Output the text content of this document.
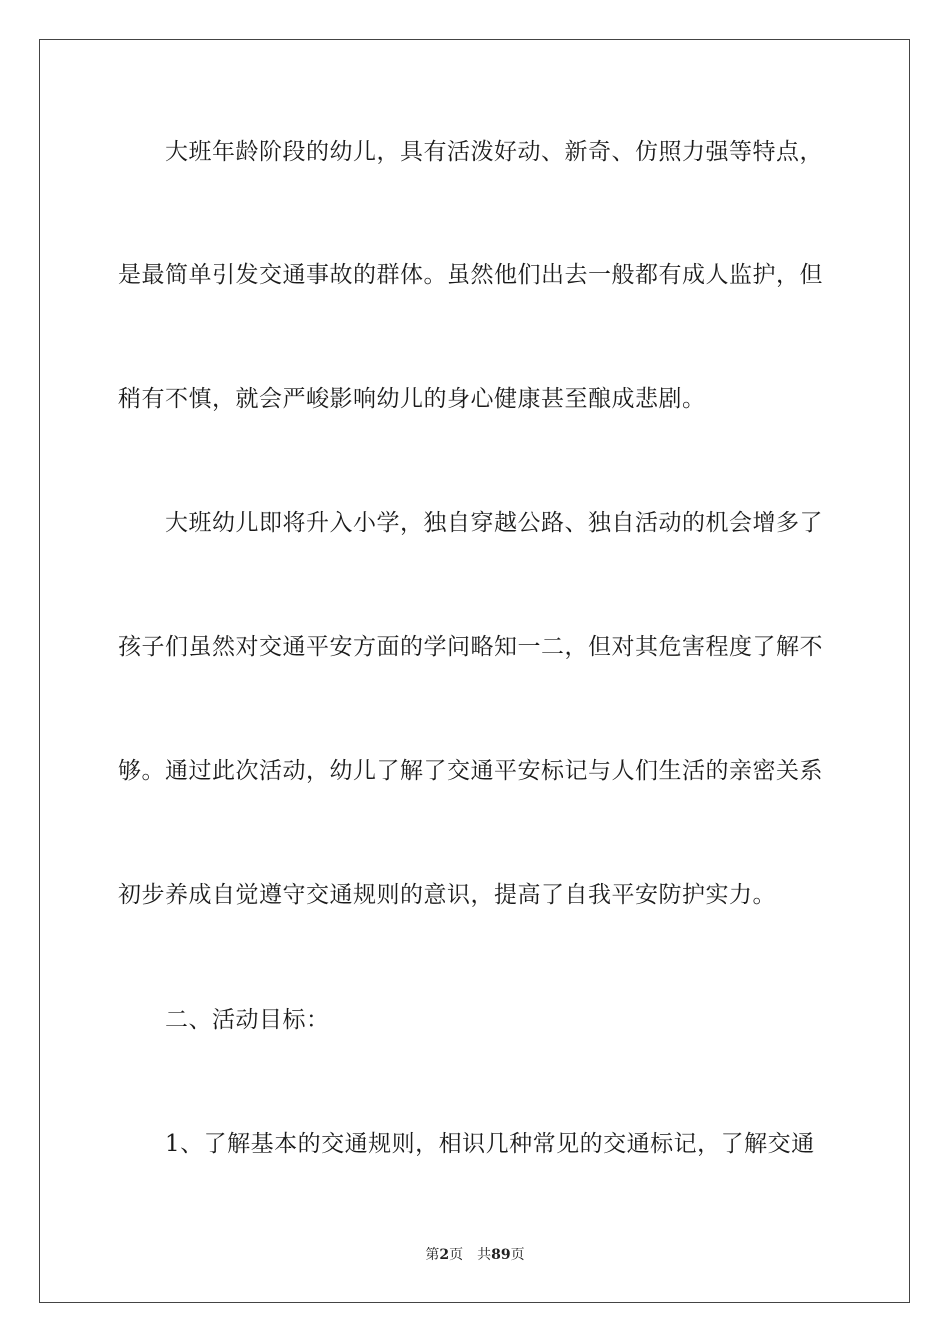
大班年龄阶段的幼儿，具有活泼好动、新奇、仿照力强等特点，
是最简单引发交通事故的群体。虽然他们出去一般都有成人监护，但
稍有不慎，就会严峻影响幼儿的身心健康甚至酿成悲剧。
大班幼儿即将升入小学，独自穿越公路、独自活动的机会增多了
孩子们虽然对交通平安方面的学问略知一二，但对其危害程度了解不
够。通过此次活动，幼儿了解了交通平安标记与人们生活的亲密关系
初步养成自觉遵守交通规则的意识，提高了自我平安防护实力。
二、活动目标：
1、了解基本的交通规则，相识几种常见的交通标记，了解交通
第2页 共89页
